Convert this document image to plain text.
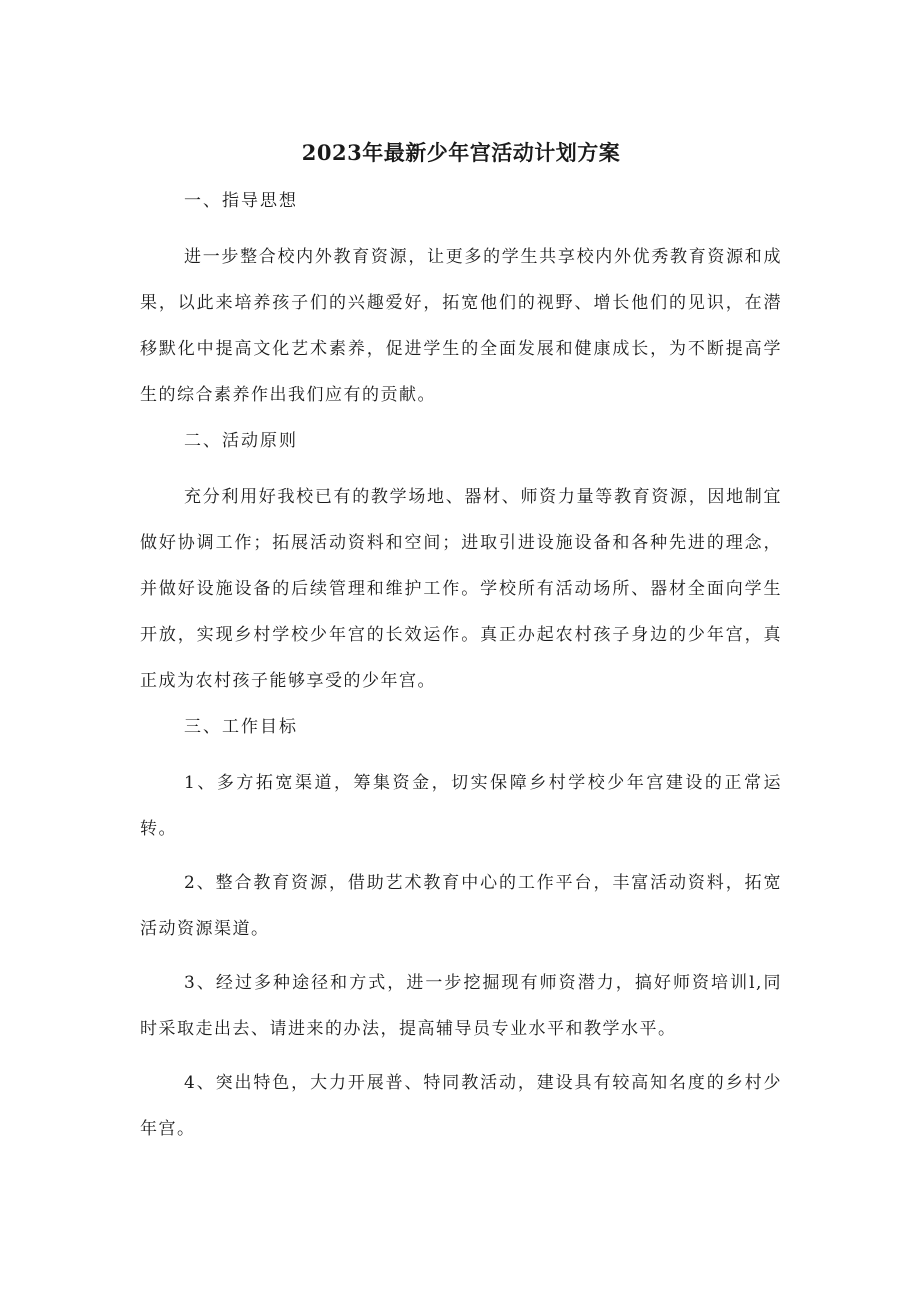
2023年最新少年宫活动计划方案
一、指导思想

进一步整合校内外教育资源，让更多的学生共享校内外优秀教育资源和成果，以此来培养孩子们的兴趣爱好，拓宽他们的视野、增长他们的见识，在潜移默化中提高文化艺术素养，促进学生的全面发展和健康成长，为不断提高学生的综合素养作出我们应有的贡献。

二、活动原则

充分利用好我校已有的教学场地、器材、师资力量等教育资源，因地制宜做好协调工作；拓展活动资料和空间；进取引进设施设备和各种先进的理念，并做好设施设备的后续管理和维护工作。学校所有活动场所、器材全面向学生开放，实现乡村学校少年宫的长效运作。真正办起农村孩子身边的少年宫，真正成为农村孩子能够享受的少年宫。

三、工作目标

1、多方拓宽渠道，筹集资金，切实保障乡村学校少年宫建设的正常运转。

2、整合教育资源，借助艺术教育中心的工作平台，丰富活动资料，拓宽活动资源渠道。

3、经过多种途径和方式，进一步挖掘现有师资潜力，搞好师资培训l,同时采取走出去、请进来的办法，提高辅导员专业水平和教学水平。

4、突出特色，大力开展普、特同教活动，建设具有较高知名度的乡村少年宫。
